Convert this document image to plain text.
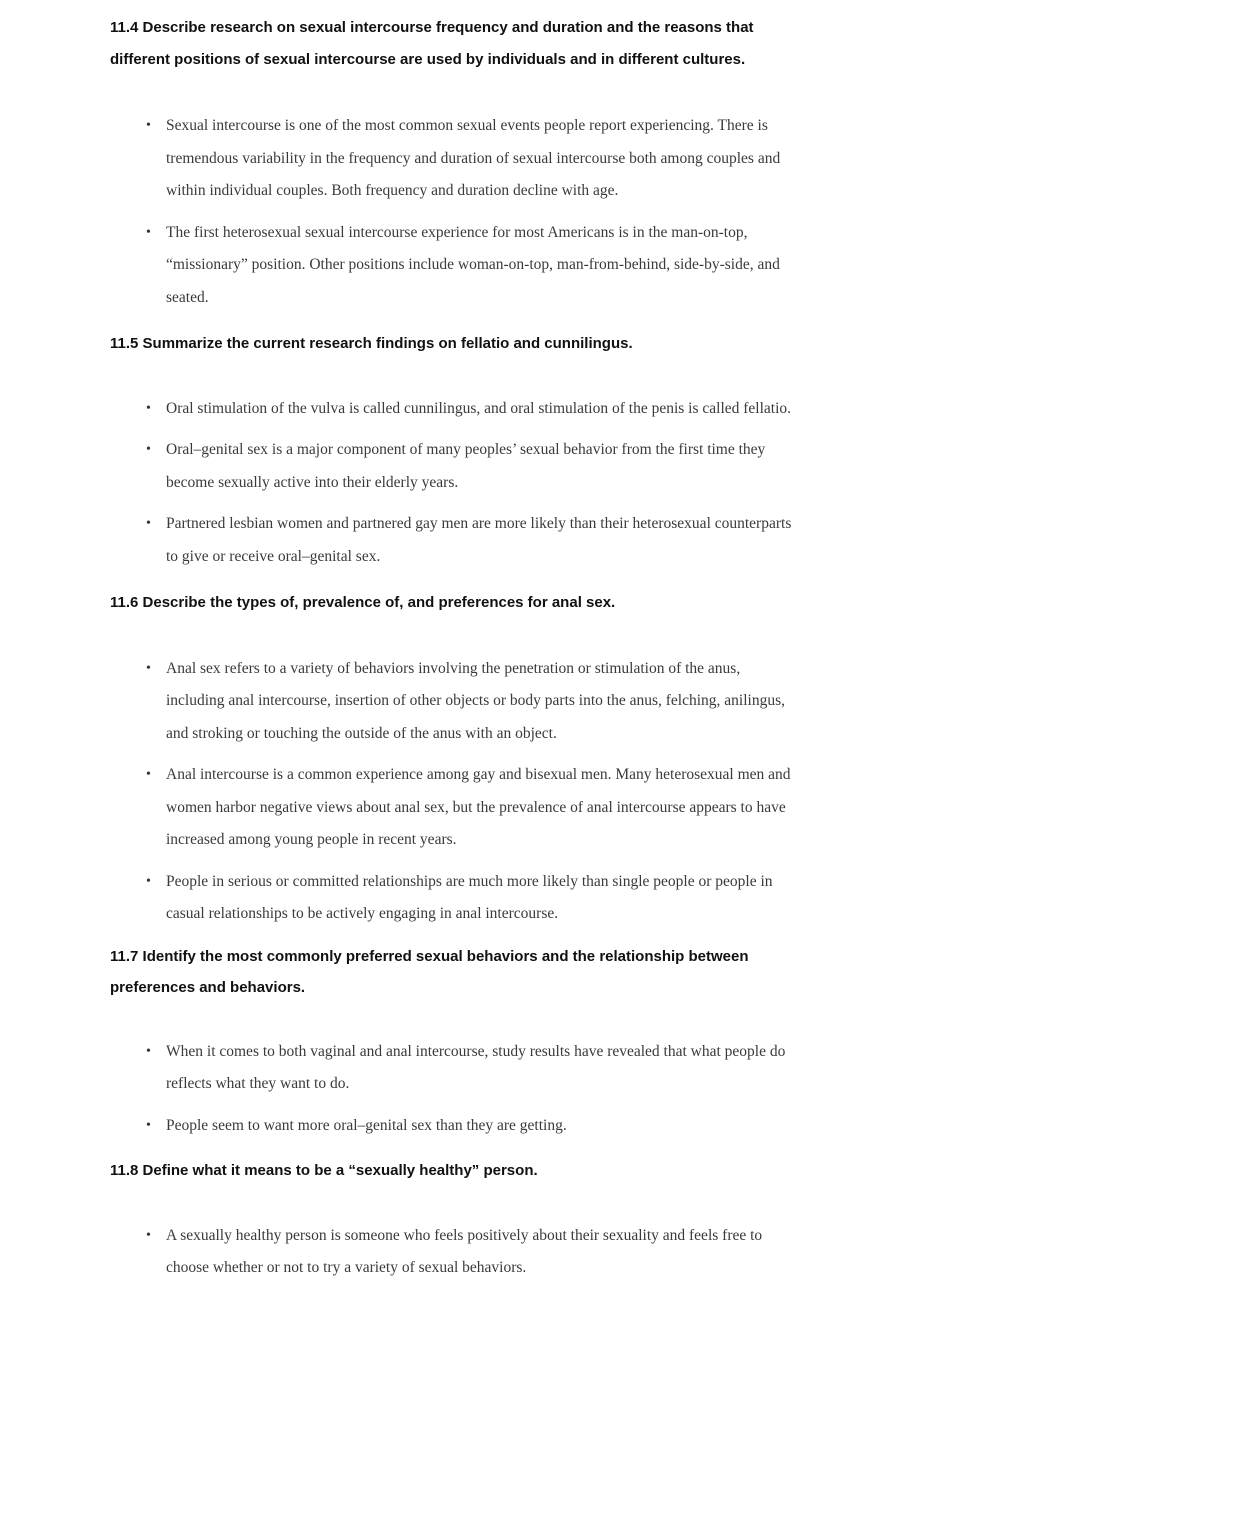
11.4 Describe research on sexual intercourse frequency and duration and the reasons that different positions of sexual intercourse are used by individuals and in different cultures.
• Sexual intercourse is one of the most common sexual events people report experiencing. There is tremendous variability in the frequency and duration of sexual intercourse both among couples and within individual couples. Both frequency and duration decline with age.
• The first heterosexual sexual intercourse experience for most Americans is in the man-on-top, “missionary” position. Other positions include woman-on-top, man-from-behind, side-by-side, and seated.
11.5 Summarize the current research findings on fellatio and cunnilingus.
• Oral stimulation of the vulva is called cunnilingus, and oral stimulation of the penis is called fellatio.
• Oral–genital sex is a major component of many peoples’ sexual behavior from the first time they become sexually active into their elderly years.
• Partnered lesbian women and partnered gay men are more likely than their heterosexual counterparts to give or receive oral–genital sex.
11.6 Describe the types of, prevalence of, and preferences for anal sex.
• Anal sex refers to a variety of behaviors involving the penetration or stimulation of the anus, including anal intercourse, insertion of other objects or body parts into the anus, felching, anilingus, and stroking or touching the outside of the anus with an object.
• Anal intercourse is a common experience among gay and bisexual men. Many heterosexual men and women harbor negative views about anal sex, but the prevalence of anal intercourse appears to have increased among young people in recent years.
• People in serious or committed relationships are much more likely than single people or people in casual relationships to be actively engaging in anal intercourse.
11.7 Identify the most commonly preferred sexual behaviors and the relationship between preferences and behaviors.
• When it comes to both vaginal and anal intercourse, study results have revealed that what people do reflects what they want to do.
• People seem to want more oral–genital sex than they are getting.
11.8 Define what it means to be a “sexually healthy” person.
• A sexually healthy person is someone who feels positively about their sexuality and feels free to choose whether or not to try a variety of sexual behaviors.
